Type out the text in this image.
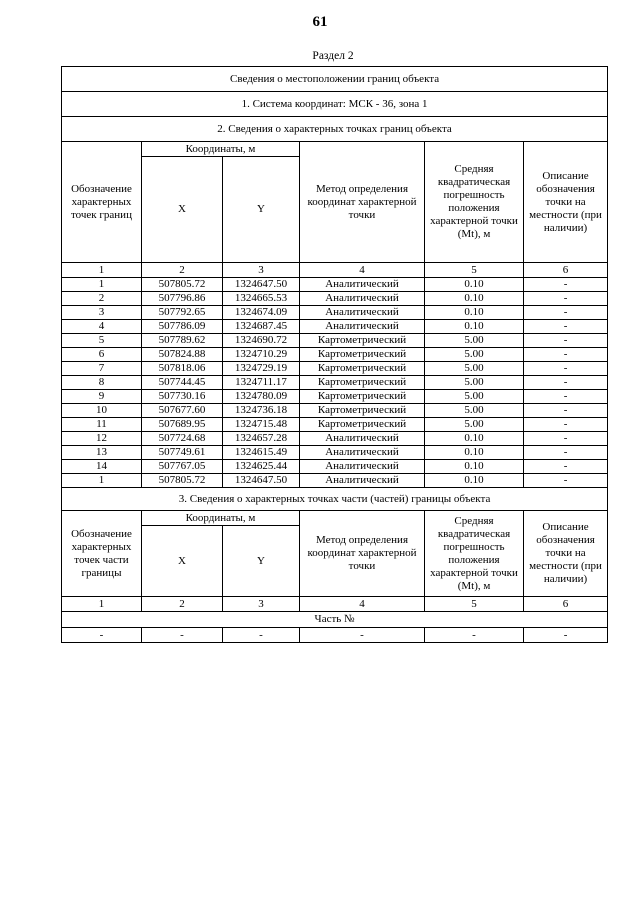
61
Раздел 2
Сведения о местоположении границ объекта					
1. Система координат: МСК - 36, зона 1					
2. Сведения о характерных точках границ объекта					
Обозначение характерных точек границ	Координаты, м		Метод определения координат характерной точки	Средняя квадратическая погрешность положения характерной точки (Mt), м	Описание обозначения точки на местности (при наличии)
	X	Y			
1	2	3	4	5	6
1	507805.72	1324647.50	Аналитический	0.10	-
2	507796.86	1324665.53	Аналитический	0.10	-
3	507792.65	1324674.09	Аналитический	0.10	-
4	507786.09	1324687.45	Аналитический	0.10	-
5	507789.62	1324690.72	Картометрический	5.00	-
6	507824.88	1324710.29	Картометрический	5.00	-
7	507818.06	1324729.19	Картометрический	5.00	-
8	507744.45	1324711.17	Картометрический	5.00	-
9	507730.16	1324780.09	Картометрический	5.00	-
10	507677.60	1324736.18	Картометрический	5.00	-
11	507689.95	1324715.48	Картометрический	5.00	-
12	507724.68	1324657.28	Аналитический	0.10	-
13	507749.61	1324615.49	Аналитический	0.10	-
14	507767.05	1324625.44	Аналитический	0.10	-
1	507805.72	1324647.50	Аналитический	0.10	-
3. Сведения о характерных точках части (частей) границы объекта					
Обозначение характерных точек части границы	Координаты, м		Метод определения координат характерной точки	Средняя квадратическая погрешность положения характерной точки (Mt), м	Описание обозначения точки на местности (при наличии)
	X	Y			
1	2	3	4	5	6
Часть №					
-	-	-	-	-	-
